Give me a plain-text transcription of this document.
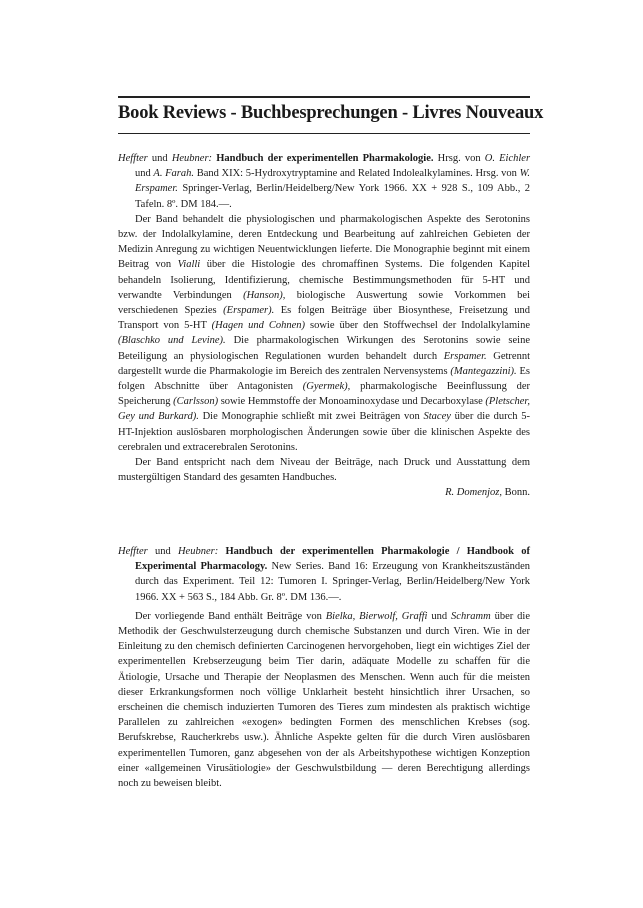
Book Reviews - Buchbesprechungen - Livres Nouveaux

Heffter und Heubner: Handbuch der experimentellen Pharmakologie. Hrsg. von O. Eichler und A. Farah. Band XIX: 5-Hydroxytryptamine and Related Indolealkylamines. Hrsg. von W. Erspamer. Springer-Verlag, Berlin/Heidelberg/New York 1966. XX + 928 S., 109 Abb., 2 Tafeln. 8º. DM 184.—.

Der Band behandelt die physiologischen und pharmakologischen Aspekte des Serotonins bzw. der Indolalkylamine, deren Entdeckung und Bearbeitung auf zahlreichen Gebieten der Medizin Anregung zu wichtigen Neuentwicklungen lieferte. Die Monographie beginnt mit einem Beitrag von Vialli über die Histologie des chromaffinen Systems. Die folgenden Kapitel behandeln Isolierung, Identifizierung, chemische Bestimmungsmethoden für 5-HT und verwandte Verbindungen (Hanson), biologische Auswertung sowie Vorkommen bei verschiedenen Spezies (Erspamer). Es folgen Beiträge über Biosynthese, Freisetzung und Transport von 5-HT (Hagen und Cohnen) sowie über den Stoffwechsel der Indolalkylamine (Blaschko und Levine). Die pharmakologischen Wirkungen des Serotonins sowie seine Beteiligung an physiologischen Regulationen wurden behandelt durch Erspamer. Getrennt dargestellt wurde die Pharmakologie im Bereich des zentralen Nervensystems (Mantegazzini). Es folgen Abschnitte über Antagonisten (Gyermek), pharmakologische Beeinflussung der Speicherung (Carlsson) sowie Hemmstoffe der Monoaminoxydase und Decarboxylase (Pletscher, Gey und Burkard). Die Monographie schließt mit zwei Beiträgen von Stacey über die durch 5-HT-Injektion auslösbaren morphologischen Änderungen sowie über die klinischen Aspekte des cerebralen und extracerebralen Serotonins.

Der Band entspricht nach dem Niveau der Beiträge, nach Druck und Ausstattung dem mustergültigen Standard des gesamten Handbuches.

R. Domenjoz, Bonn.

Heffter und Heubner: Handbuch der experimentellen Pharmakologie / Handbook of Experimental Pharmacology. New Series. Band 16: Erzeugung von Krankheitszuständen durch das Experiment. Teil 12: Tumoren I. Springer-Verlag, Berlin/Heidelberg/New York 1966. XX + 563 S., 184 Abb. Gr. 8º. DM 136.—.

Der vorliegende Band enthält Beiträge von Bielka, Bierwolf, Graffi und Schramm über die Methodik der Geschwulsterzeugung durch chemische Substanzen und durch Viren. Wie in der Einleitung zu den chemisch definierten Carcinogenen hervorgehoben, liegt ein wichtiges Ziel der experimentellen Krebserzeugung beim Tier darin, adäquate Modelle zu schaffen für die Ätiologie, Ursache und Therapie der Neoplasmen des Menschen. Wenn auch für die meisten dieser Erkrankungsformen noch völlige Unklarheit besteht hinsichtlich ihrer Ursachen, so erscheinen die chemisch induzierten Tumoren des Tieres zum mindesten als praktisch wichtige Parallelen zu zahlreichen «exogen» bedingten Formen des menschlichen Krebses (sog. Berufskrebse, Raucherkrebs usw.). Ähnliche Aspekte gelten für die durch Viren auslösbaren experimentellen Tumoren, ganz abgesehen von der als Arbeitshypothese wichtigen Konzeption einer «allgemeinen Virusätiologie» der Geschwulstbildung — deren Berechtigung allerdings noch zu beweisen bleibt.
